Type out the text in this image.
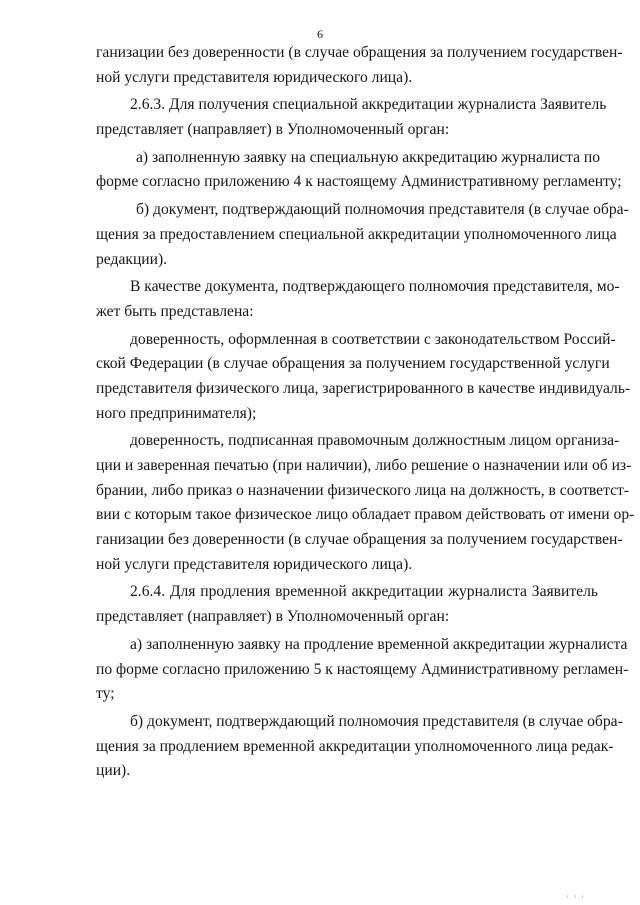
6
ганизации без доверенности (в случае обращения за получением государствен-
ной услуги представителя юридического лица).
2.6.3. Для получения специальной аккредитации журналиста Заявитель
представляет (направляет) в Уполномоченный орган:
а) заполненную заявку на специальную аккредитацию журналиста по
форме согласно приложению 4 к настоящему Административному регламенту;
б) документ, подтверждающий полномочия представителя (в случае обра-
щения за предоставлением специальной аккредитации уполномоченного лица
редакции).
В качестве документа, подтверждающего полномочия представителя, мо-
жет быть представлена:
доверенность, оформленная в соответствии с законодательством Россий-
ской Федерации (в случае обращения за получением государственной услуги
представителя физического лица, зарегистрированного в качестве индивидуаль-
ного предпринимателя);
доверенность, подписанная правомочным должностным лицом организа-
ции и заверенная печатью (при наличии), либо решение о назначении или об из-
брании, либо приказ о назначении физического лица на должность, в соответст-
вии с которым такое физическое лицо обладает правом действовать от имени ор-
ганизации без доверенности (в случае обращения за получением государствен-
ной услуги представителя юридического лица).
2.6.4. Для продления временной аккредитации журналиста Заявитель
представляет (направляет) в Уполномоченный орган:
а) заполненную заявку на продление временной аккредитации журналиста
по форме согласно приложению 5 к настоящему Административному регламен-
ту;
б) документ, подтверждающий полномочия представителя (в случае обра-
щения за продлением временной аккредитации уполномоченного лица редак-
ции).
' ' '
